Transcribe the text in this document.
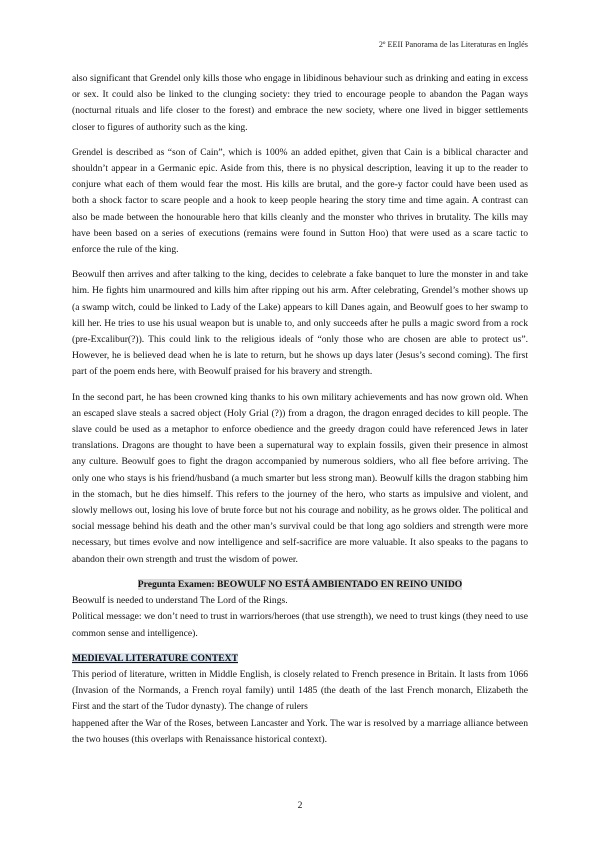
2º EEII Panorama de las Literaturas en Inglés

also significant that Grendel only kills those who engage in libidinous behaviour such as drinking and eating in excess or sex. It could also be linked to the clunging society: they tried to encourage people to abandon the Pagan ways (nocturnal rituals and life closer to the forest) and embrace the new society, where one lived in bigger settlements closer to figures of authority such as the king.

Grendel is described as “son of Cain”, which is 100% an added epithet, given that Cain is a biblical character and shouldn’t appear in a Germanic epic. Aside from this, there is no physical description, leaving it up to the reader to conjure what each of them would fear the most. His kills are brutal, and the gore-y factor could have been used as both a shock factor to scare people and a hook to keep people hearing the story time and time again. A contrast can also be made between the honourable hero that kills cleanly and the monster who thrives in brutality. The kills may have been based on a series of executions (remains were found in Sutton Hoo) that were used as a scare tactic to enforce the rule of the king.

Beowulf then arrives and after talking to the king, decides to celebrate a fake banquet to lure the monster in and take him. He fights him unarmoured and kills him after ripping out his arm. After celebrating, Grendel’s mother shows up (a swamp witch, could be linked to Lady of the Lake) appears to kill Danes again, and Beowulf goes to her swamp to kill her. He tries to use his usual weapon but is unable to, and only succeeds after he pulls a magic sword from a rock (pre-Excalibur(?)). This could link to the religious ideals of “only those who are chosen are able to protect us”. However, he is believed dead when he is late to return, but he shows up days later (Jesus’s second coming). The first part of the poem ends here, with Beowulf praised for his bravery and strength.

In the second part, he has been crowned king thanks to his own military achievements and has now grown old. When an escaped slave steals a sacred object (Holy Grial (?)) from a dragon, the dragon enraged decides to kill people. The slave could be used as a metaphor to enforce obedience and the greedy dragon could have referenced Jews in later translations. Dragons are thought to have been a supernatural way to explain fossils, given their presence in almost any culture. Beowulf goes to fight the dragon accompanied by numerous soldiers, who all flee before arriving. The only one who stays is his friend/husband (a much smarter but less strong man). Beowulf kills the dragon stabbing him in the stomach, but he dies himself. This refers to the journey of the hero, who starts as impulsive and violent, and slowly mellows out, losing his love of brute force but not his courage and nobility, as he grows older. The political and social message behind his death and the other man’s survival could be that long ago soldiers and strength were more necessary, but times evolve and now intelligence and self-sacrifice are more valuable. It also speaks to the pagans to abandon their own strength and trust the wisdom of power.

Pregunta Examen: BEOWULF NO ESTÁ AMBIENTADO EN REINO UNIDO

Beowulf is needed to understand The Lord of the Rings.

Political message: we don’t need to trust in warriors/heroes (that use strength), we need to trust kings (they need to use common sense and intelligence).

MEDIEVAL LITERATURE CONTEXT

This period of literature, written in Middle English, is closely related to French presence in Britain. It lasts from 1066 (Invasion of the Normands, a French royal family) until 1485 (the death of the last French monarch, Elizabeth the First and the start of the Tudor dynasty). The change of rulers

happened after the War of the Roses, between Lancaster and York. The war is resolved by a marriage alliance between the two houses (this overlaps with Renaissance historical context).

2
